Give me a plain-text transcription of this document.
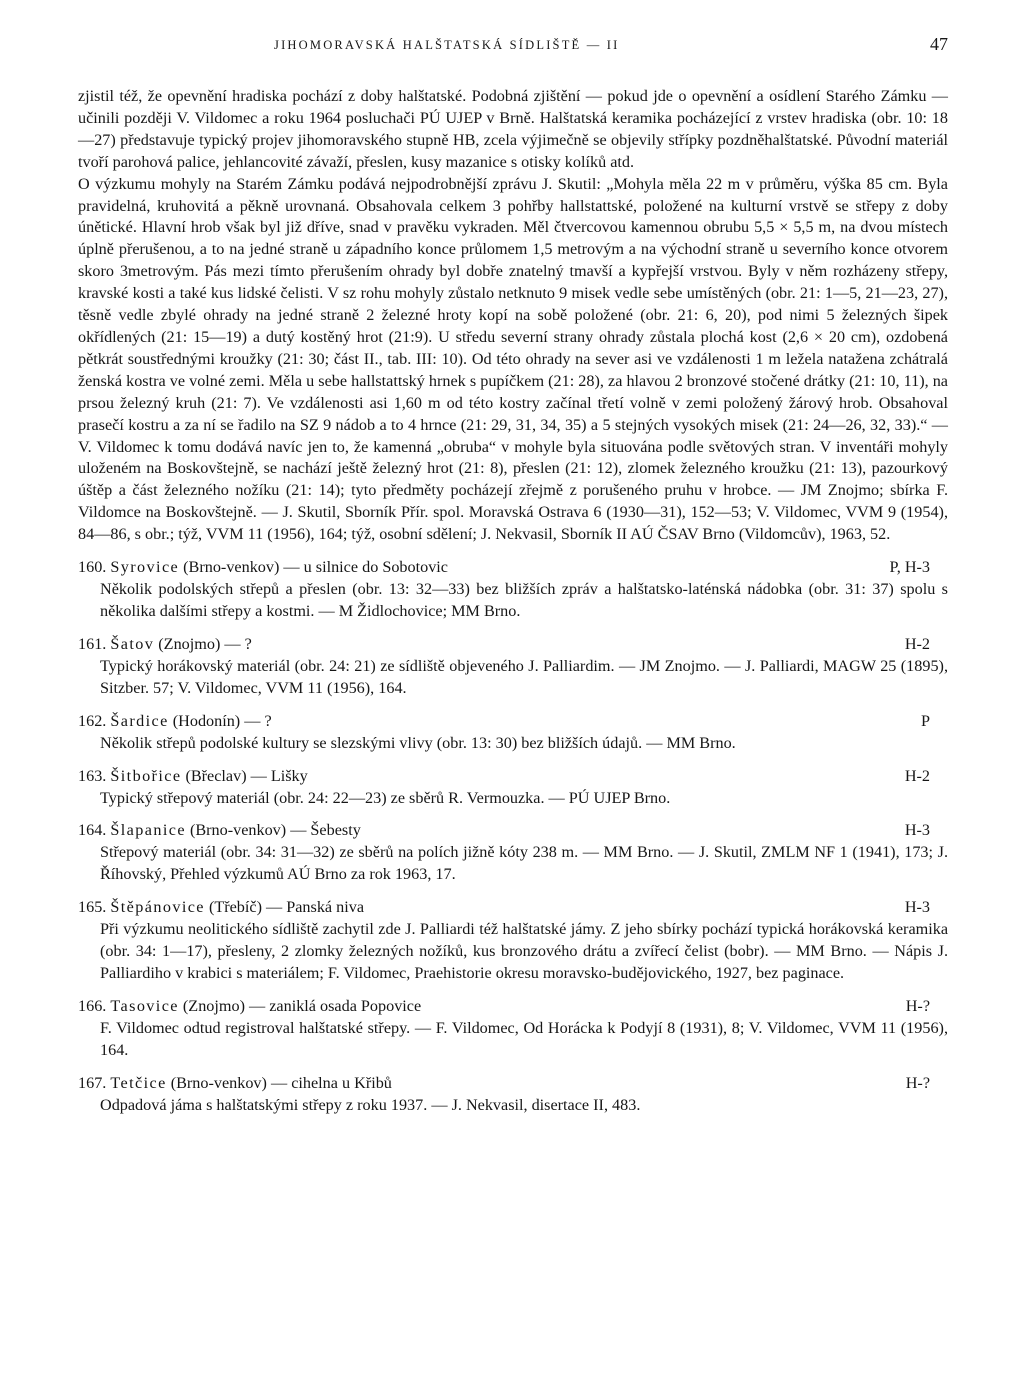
JIHOMORAVSKÁ HALŠTATSKÁ SÍDLIŠTĚ — II	47

zjistil též, že opevnění hradiska pochází z doby halštatské. Podobná zjištění — pokud jde o opevnění a osídlení Starého Zámku — učinili později V. Vildomec a roku 1964 posluchači PÚ UJEP v Brně. Halštatská keramika pocházející z vrstev hradiska (obr. 10: 18—27) představuje typický projev jihomoravského stupně HB, zcela výjimečně se objevily střípky pozdněhalštatské. Původní materiál tvoří parohová palice, jehlancovité závaží, přeslen, kusy mazanice s otisky kolíků atd.

O výzkumu mohyly na Starém Zámku podává nejpodrobnější zprávu J. Skutil: „Mohyla měla 22 m v průměru, výška 85 cm. Byla pravidelná, kruhovitá a pěkně urovnaná. Obsahovala celkem 3 pohřby hallstattské, položené na kulturní vrstvě se střepy z doby únětické. Hlavní hrob však byl již dříve, snad v pravěku vykraden. Měl čtvercovou kamennou obrubu 5,5 × 5,5 m, na dvou místech úplně přerušenou, a to na jedné straně u západního konce průlomem 1,5 metrovým a na východní straně u severního konce otvorem skoro 3metrovým. Pás mezi tímto přerušením ohrady byl dobře znatelný tmavší a kypřejší vrstvou. Byly v něm rozházeny střepy, kravské kosti a také kus lidské čelisti. V sz rohu mohyly zůstalo netknuto 9 misek vedle sebe umístěných (obr. 21: 1—5, 21—23, 27), těsně vedle zbylé ohrady na jedné straně 2 železné hroty kopí na sobě položené (obr. 21: 6, 20), pod nimi 5 železných šipek okřídlených (21: 15—19) a dutý kostěný hrot (21:9). U středu severní strany ohrady zůstala plochá kost (2,6 × 20 cm), ozdobená pětkrát soustřednými kroužky (21: 30; část II., tab. III: 10). Od této ohrady na sever asi ve vzdálenosti 1 m ležela natažena zchátralá ženská kostra ve volné zemi. Měla u sebe hallstattský hrnek s pupíčkem (21: 28), za hlavou 2 bronzové stočené drátky (21: 10, 11), na prsou železný kruh (21: 7). Ve vzdálenosti asi 1,60 m od této kostry začínal třetí volně v zemi položený žárový hrob. Obsahoval prasečí kostru a za ní se řadilo na SZ 9 nádob a to 4 hrnce (21: 29, 31, 34, 35) a 5 stejných vysokých misek (21: 24—26, 32, 33).“ — V. Vildomec k tomu dodává navíc jen to, že kamenná „obruba“ v mohyle byla situována podle světových stran. V inventáři mohyly uloženém na Boskovštejně, se nachází ještě železný hrot (21: 8), přeslen (21: 12), zlomek železného kroužku (21: 13), pazourkový úštěp a část železného nožíku (21: 14); tyto předměty pocházejí zřejmě z porušeného pruhu v hrobce. — JM Znojmo; sbírka F. Vildomce na Boskovštejně. — J. Skutil, Sborník Přír. spol. Moravská Ostrava 6 (1930—31), 152—53; V. Vildomec, VVM 9 (1954), 84—86, s obr.; týž, VVM 11 (1956), 164; týž, osobní sdělení; J. Nekvasil, Sborník II AÚ ČSAV Brno (Vildomcův), 1963, 52.

160. Syrovice (Brno-venkov) — u silnice do Sobotovic	P, H-3

Několik podolských střepů a přeslen (obr. 13: 32—33) bez bližších zpráv a halštatsko-laténská nádobka (obr. 31: 37) spolu s několika dalšími střepy a kostmi. — M Židlochovice; MM Brno.

161. Šatov (Znojmo) — ?	H-2

Typický horákovský materiál (obr. 24: 21) ze sídliště objeveného J. Palliardim. — JM Znojmo. — J. Palliardi, MAGW 25 (1895), Sitzber. 57; V. Vildomec, VVM 11 (1956), 164.

162. Šardice (Hodonín) — ?	P

Několik střepů podolské kultury se slezskými vlivy (obr. 13: 30) bez bližších údajů. — MM Brno.

163. Šitbořice (Břeclav) — Lišky	H-2

Typický střepový materiál (obr. 24: 22—23) ze sběrů R. Vermouzka. — PÚ UJEP Brno.

164. Šlapanice (Brno-venkov) — Šebesty	H-3

Střepový materiál (obr. 34: 31—32) ze sběrů na polích jižně kóty 238 m. — MM Brno. — J. Skutil, ZMLM NF 1 (1941), 173; J. Říhovský, Přehled výzkumů AÚ Brno za rok 1963, 17.

165. Štěpánovice (Třebíč) — Panská niva	H-3

Při výzkumu neolitického sídliště zachytil zde J. Palliardi též halštatské jámy. Z jeho sbírky pochází typická horákovská keramika (obr. 34: 1—17), přesleny, 2 zlomky železných nožíků, kus bronzového drátu a zvířecí čelist (bobr). — MM Brno. — Nápis J. Palliardiho v krabici s materiálem; F. Vildomec, Praehistorie okresu moravsko-budějovického, 1927, bez paginace.

166. Tasovice (Znojmo) — zaniklá osada Popovice	H-?

F. Vildomec odtud registroval halštatské střepy. — F. Vildomec, Od Horácka k Podyjí 8 (1931), 8; V. Vildomec, VVM 11 (1956), 164.

167. Tetčice (Brno-venkov) — cihelna u Křibů	H-?

Odpadová jáma s halštatskými střepy z roku 1937. — J. Nekvasil, disertace II, 483.
